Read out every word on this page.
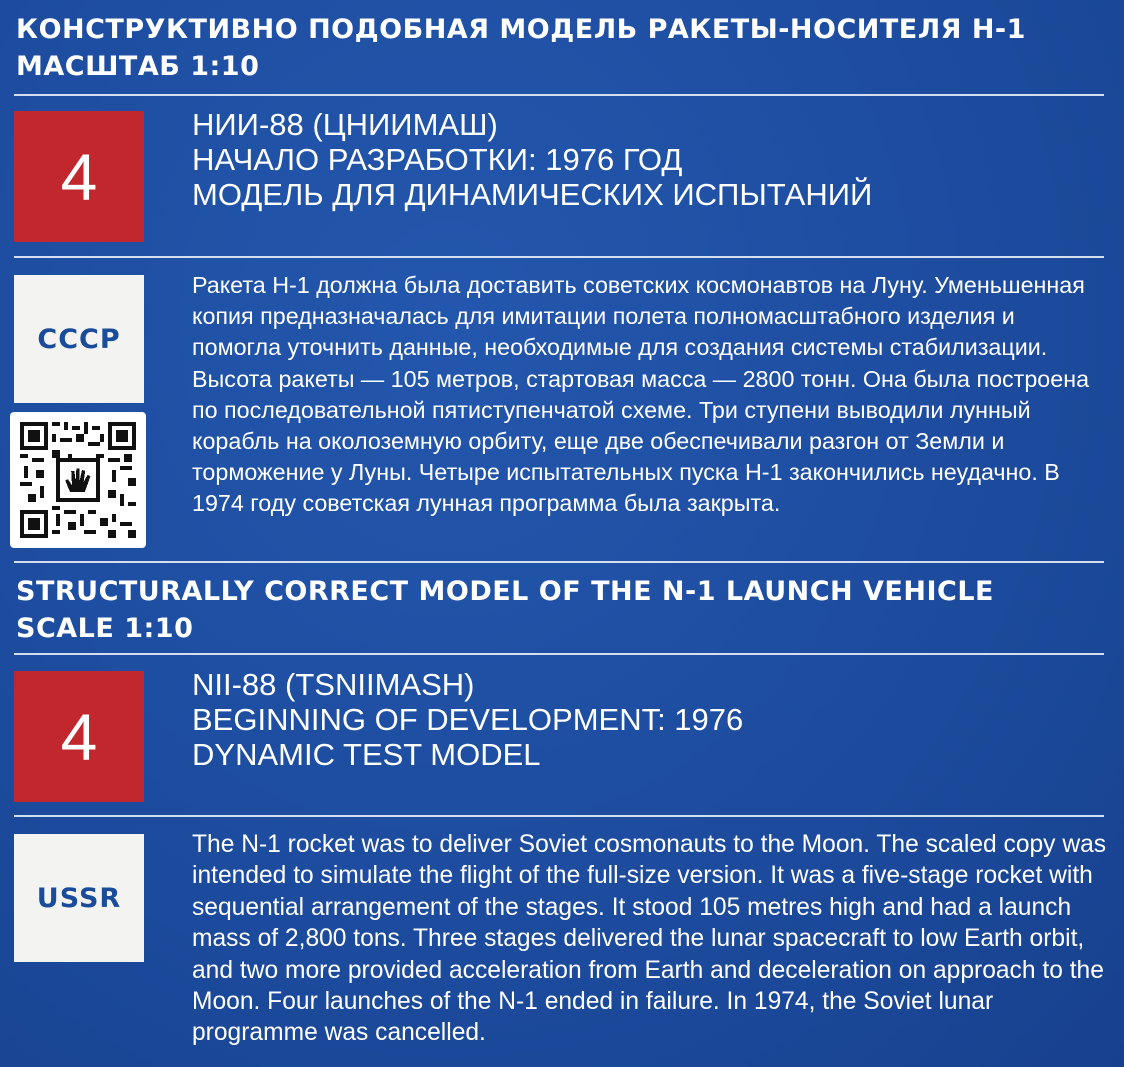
КОНСТРУКТИВНО ПОДОБНАЯ МОДЕЛЬ РАКЕТЫ-НОСИТЕЛЯ Н-1
МАСШТАБ 1:10
4
НИИ-88 (ЦНИИМАШ)
НАЧАЛО РАЗРАБОТКИ: 1976 ГОД
МОДЕЛЬ ДЛЯ ДИНАМИЧЕСКИХ ИСПЫТАНИЙ
СССР

Ракета Н-1 должна была доставить советских космонавтов на Луну. Уменьшенная копия предназначалась для имитации полета полномасштабного изделия и помогла уточнить данные, необходимые для создания системы стабилизации. Высота ракеты — 105 метров, стартовая масса — 2800 тонн. Она была построена по последовательной пятиступенчатой схеме. Три ступени выводили лунный корабль на околоземную орбиту, еще две обеспечивали разгон от Земли и торможение у Луны. Четыре испытательных пуска Н-1 закончились неудачно. В 1974 году советская лунная программа была закрыта.

STRUCTURALLY CORRECT MODEL OF THE N-1 LAUNCH VEHICLE
SCALE 1:10
4
NII-88 (TSNIIMASH)
BEGINNING OF DEVELOPMENT: 1976
DYNAMIC TEST MODEL
USSR

The N-1 rocket was to deliver Soviet cosmonauts to the Moon. The scaled copy was intended to simulate the flight of the full-size version. It was a five-stage rocket with sequential arrangement of the stages. It stood 105 metres high and had a launch mass of 2,800 tons. Three stages delivered the lunar spacecraft to low Earth orbit, and two more provided acceleration from Earth and deceleration on approach to the Moon. Four launches of the N-1 ended in failure. In 1974, the Soviet lunar programme was cancelled.
